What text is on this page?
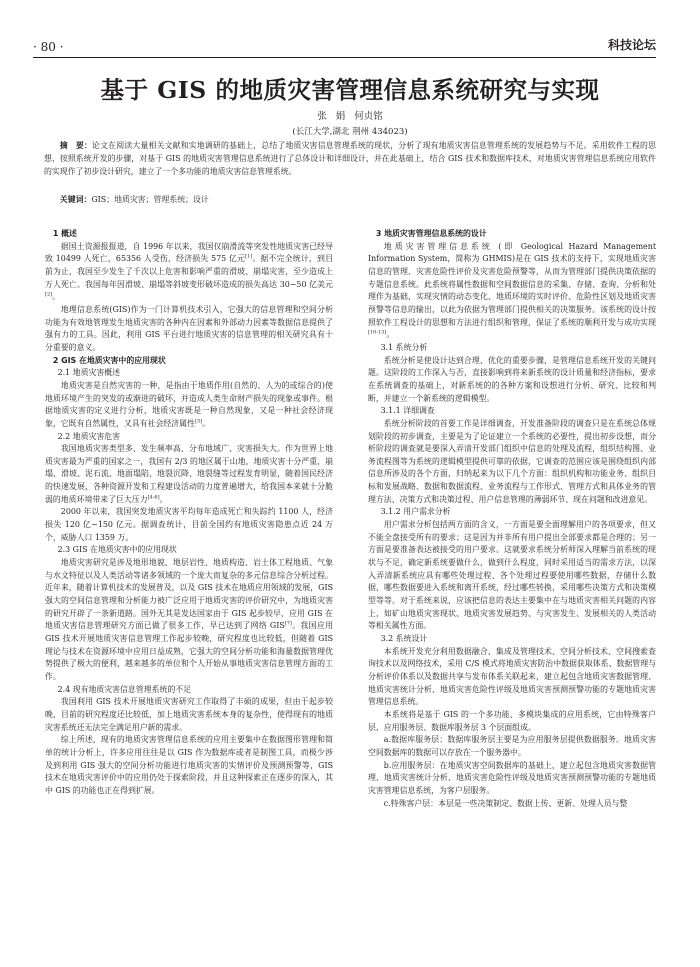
· 80 ·	科技论坛
基于 GIS 的地质灾害管理信息系统研究与实现
张 娟 何贞铭
(长江大学,湖北 荆州 434023)

摘　要：论文在阅读大量相关文献和实地调研的基础上，总结了地质灾害信息管理系统的现状，分析了现有地质灾害信息管理系统的发展趋势与不足。采用软件工程的思想，按照系统开发的步骤，对基于 GIS 的地质灾害管理信息系统进行了总体设计和详细设计，并在此基础上，结合 GIS 技术和数据库技术，对地质灾害管理信息系统应用软件的实现作了初步设计研究，建立了一个多功能的地质灾害信息管理系统。

关键词：GIS；地质灾害；管理系统；设计

1 概述

据国土资源报报道，自 1996 年以来，我国仅崩滑流等突发性地质灾害已经导致 10499 人死亡，65356 人受伤，经济损失 575 亿元[1]。据不完全统计，到目前为止，我国至少发生了千次以上危害和影响严重的滑坡、崩塌灾害，至少造成上万人死亡。我国每年因滑坡、崩塌等斜坡变形破坏造成的损失高达 30~50 亿美元[2]。

地理信息系统(GIS)作为一门计算机技术引入，它强大的信息管理和空间分析功能为有效地管理发生地质灾害的各种内在因素和外部动力因素等数据信息提供了强有力的工具。因此，利用 GIS 平台进行地质灾害的信息管理的相关研究具有十分重要的意义。

2 GIS 在地质灾害中的应用现状
2.1 地质灾害概述

地质灾害是自然灾害的一种，是指由于地质作用(自然的、人为的或综合的)使地质环境产生的突发的或渐进的破坏，并造成人类生命财产损失的现象或事件。根据地质灾害的定义进行分析，地质灾害既是一种自然现象，又是一种社会经济现象，它既有自然属性，又具有社会经济属性[3]。

2.2 地质灾害危害

我国地质灾害类型多、发生频率高、分布地域广、灾害损失大。作为世界上地质灾害最为严重的国家之一，我国有 2/3 的地区属于山地，地质灾害十分严重，崩塌、滑坡、泥石流、地面塌陷、地裂沉降、地裂缝等过程发育明显，随着国民经济的快速发展，各种资源开发和工程建设活动的力度普遍增大，给我国本来就十分脆弱的地质环境带来了巨大压力[4-6]。

2000 年以来，我国突发地质灾害平均每年造成死亡和失踪约 1100 人，经济损失 120 亿~150 亿元。据调查统计，目前全国约有地质灾害隐患点近 24 万个，威胁人口 1359 万。

2.3 GIS 在地质灾害中的应用现状

地质灾害研究是涉及地形地貌、地层岩性、地质构造、岩土体工程地质、气象与水文特征以及人类活动等诸多领域的一个庞大而复杂的多元信息综合分析过程。近年来，随着计算机技术的发展普及，以及 GIS 技术在地质应用领域的发展，GIS 强大的空间信息管理和分析能力被广泛应用于地质灾害的评价研究中，为地质灾害的研究开辟了一条新道路。国外无其是发达国家由于 GIS 起步较早，应用 GIS 在地质灾害信息管理研究方面已做了很多工作，早已达到了网络 GIS[7]。我国应用 GIS 技术开展地质灾害信息管理工作起步较晚，研究程度也比较低，但随着 GIS 理论与技术在资源环境中应用日益成熟，它强大的空间分析功能和海量数据管理优势提供了极大的便利，越来越多的单位和个人开始从事地质灾害信息管理方面的工作。

2.4 现有地质灾害信息管理系统的不足

我国利用 GIS 技术开展地质灾害研究工作取得了丰硕的成果，但由于起步较晚，目前的研究程度还比较低，加上地质灾害系统本身的复杂性，使得现有的地质灾害系统还无法完全满足用户新的需求。

综上所述，现有的地质灾害管理信息系统的应用主要集中在数据图形管理和简单的统计分析上，许多应用往往是以 GIS 作为数据库或者是制图工具，而极少涉及到利用 GIS 强大的空间分析功能进行地质灾害的实情评价及预测预警等，GIS 技术在地质灾害评价中的应用仍处于探索阶段，并且这种探索正在逐步的深入，其中 GIS 的功能也正在得到扩展。

3 地质灾害管理信息系统的设计

地质灾害管理信息系统 (即 Geological Hazard Management Information System，简称为 GHMIS)是在 GIS 技术的支持下，实现地质灾害信息的管理、灾害危险性评价及灾害危险预警等，从而为管理部门提供决策依据的专题信息系统。此系统将属性数据和空间数据信息的采集、存储、查询、分析和处理作为基础，实现灾情的动态变化、地质环境的实时评价、危险性区划及地质灾害预警等信息的输出，以此为依据为管理部门提供相关的决策服务。该系统的设计按照软件工程设计的思想和方法进行组织和管理，保证了系统的顺利开发与成功实现[10-13]。

3.1 系统分析

系统分析是使设计达到合理、优化的重要步骤，是管理信息系统开发的关键问题。这阶段的工作深入与否，直接影响到将来新系统的设计质量和经济指标，要求在系统调查的基础上，对新系统的的各种方案和设想进行分析、研究、比较和判断，并建立一个新系统的逻辑模型。

3.1.1 详细调查

系统分析阶段的首要工作是详细调查，开发准备阶段的调查只是在系统总体规划阶段的初步调查，主要是为了论证建立一个系统的必要性，提出初步设想，而分析阶段的调查就是要深入弄清开发部门组织中信息的处理及流程，组织结构图、业务流程图等为系统的逻辑模型提供可靠的依据，它调查的范围应该是围绕组织内部信息所涉及的各个方面，归纳起来为以下几个方面：组织机构和功能业务、组织目标和发展战略、数据和数据流程、业务流程与工作形式、管理方式和具体业务的管理方法、决策方式和决策过程、用户信息管理的薄弱环节、现在问题和改进意见。

3.1.2 用户需求分析

用户需求分析包括两方面的含义，一方面是要全面理解用户的各项要求，但又不能全盘接受所有的要求；这是因为并非所有用户提出全部要求都是合理的；另一方面是要准备表达被接受的用户要求。这就要求系统分析师深入理解当前系统的现状与不足，确定新系统要做什么，做到什么程度，同时采用适当的需求方法，以深入弄清新系统应具有哪些处理过程、各个处理过程要使用哪些数据，存储什么数据，哪些数据要进入系统和离开系统，经过哪些转换，采用哪些决策方式和决策模型等等。对于系统来说，应该把信息的表达主要集中在与地质灾害相关问题的内容上，如矿山地质灾害现状、地质灾害发展趋势、与灾害发生、发展相关的人类活动等相关属性方面。

3.2 系统设计

本系统开发充分利用数据融合、集成及管理技术、空间分析技术、空间搜索查询技术以及网络技术，采用 C/S 模式将地质灾害防治中数据获取体系、数据管理与分析评价体系以及数据共享与发布体系关联起来，建立起包含地质灾害数据管理、地质灾害统计分析、地质灾害危险性评级及地质灾害预测预警功能的专题地质灾害管理信息系统。

本系统将是基于 GIS 的一个多功能、多模块集成的应用系统，它由特殊客户层、应用服务层、数据库服务层 3 个层面组成。

a.数据库服务层：数据库服务层主要是为应用服务层提供数据服务。地质灾害空间数据库的数据可以存放在一个服务器中。

b.应用服务层：在地质灾害空间数据库的基础上，建立起包含地质灾害数据管理、地质灾害统计分析、地质灾害危险性评级及地质灾害预测预警功能的专题地质灾害管理信息系统，为客户层服务。

c.特殊客户层：本层是一些决策制定、数据上传、更新、处理人员与整
